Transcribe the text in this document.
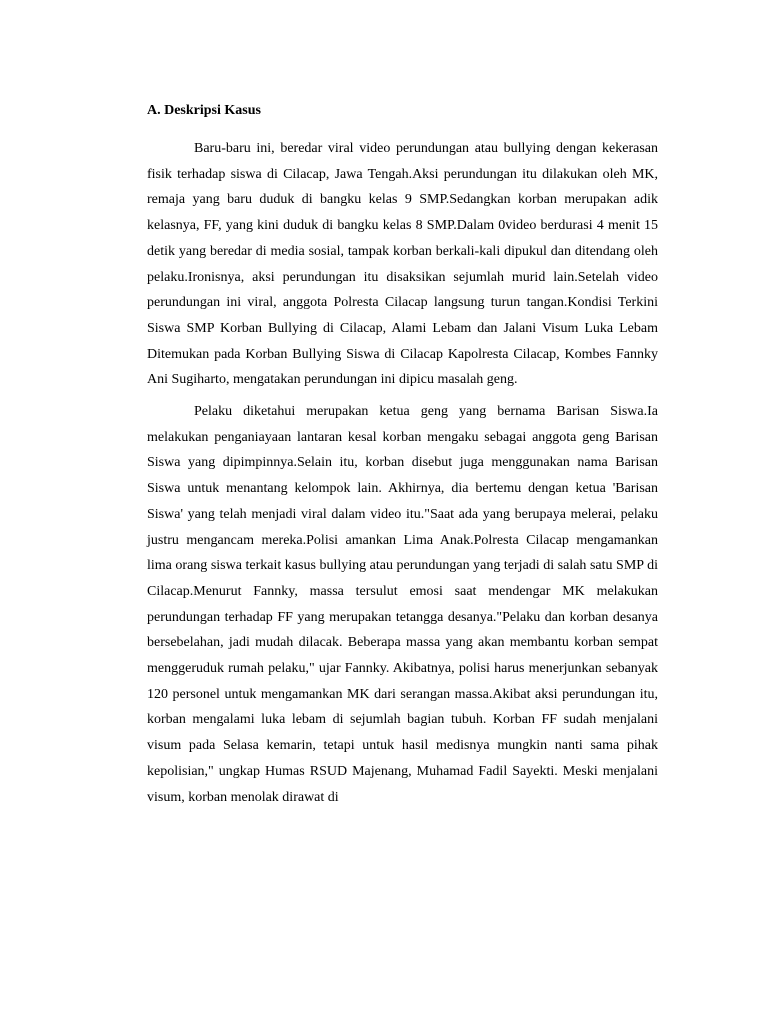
A. Deskripsi Kasus

Baru-baru ini, beredar viral video perundungan atau bullying dengan kekerasan fisik terhadap siswa di Cilacap, Jawa Tengah.Aksi perundungan itu dilakukan oleh MK, remaja yang baru duduk di bangku kelas 9 SMP.Sedangkan korban merupakan adik kelasnya, FF, yang kini duduk di bangku kelas 8 SMP.Dalam 0video berdurasi 4 menit 15 detik yang beredar di media sosial, tampak korban berkali-kali dipukul dan ditendang oleh pelaku.Ironisnya, aksi perundungan itu disaksikan sejumlah murid lain.Setelah video perundungan ini viral, anggota Polresta Cilacap langsung turun tangan.Kondisi Terkini Siswa SMP Korban Bullying di Cilacap, Alami Lebam dan Jalani Visum Luka Lebam Ditemukan pada Korban Bullying Siswa di Cilacap Kapolresta Cilacap, Kombes Fannky Ani Sugiharto, mengatakan perundungan ini dipicu masalah geng.

Pelaku diketahui merupakan ketua geng yang bernama Barisan Siswa.Ia melakukan penganiayaan lantaran kesal korban mengaku sebagai anggota geng Barisan Siswa yang dipimpinnya.Selain itu, korban disebut juga menggunakan nama Barisan Siswa untuk menantang kelompok lain. Akhirnya, dia bertemu dengan ketua 'Barisan Siswa' yang telah menjadi viral dalam video itu."Saat ada yang berupaya melerai, pelaku justru mengancam mereka.Polisi amankan Lima Anak.Polresta Cilacap mengamankan lima orang siswa terkait kasus bullying atau perundungan yang terjadi di salah satu SMP di Cilacap.Menurut Fannky, massa tersulut emosi saat mendengar MK melakukan perundungan terhadap FF yang merupakan tetangga desanya."Pelaku dan korban desanya bersebelahan, jadi mudah dilacak. Beberapa massa yang akan membantu korban sempat menggeruduk rumah pelaku," ujar Fannky. Akibatnya, polisi harus menerjunkan sebanyak 120 personel untuk mengamankan MK dari serangan massa.Akibat aksi perundungan itu, korban mengalami luka lebam di sejumlah bagian tubuh. Korban FF sudah menjalani visum pada Selasa kemarin, tetapi untuk hasil medisnya mungkin nanti sama pihak kepolisian," ungkap Humas RSUD Majenang, Muhamad Fadil Sayekti. Meski menjalani visum, korban menolak dirawat di
